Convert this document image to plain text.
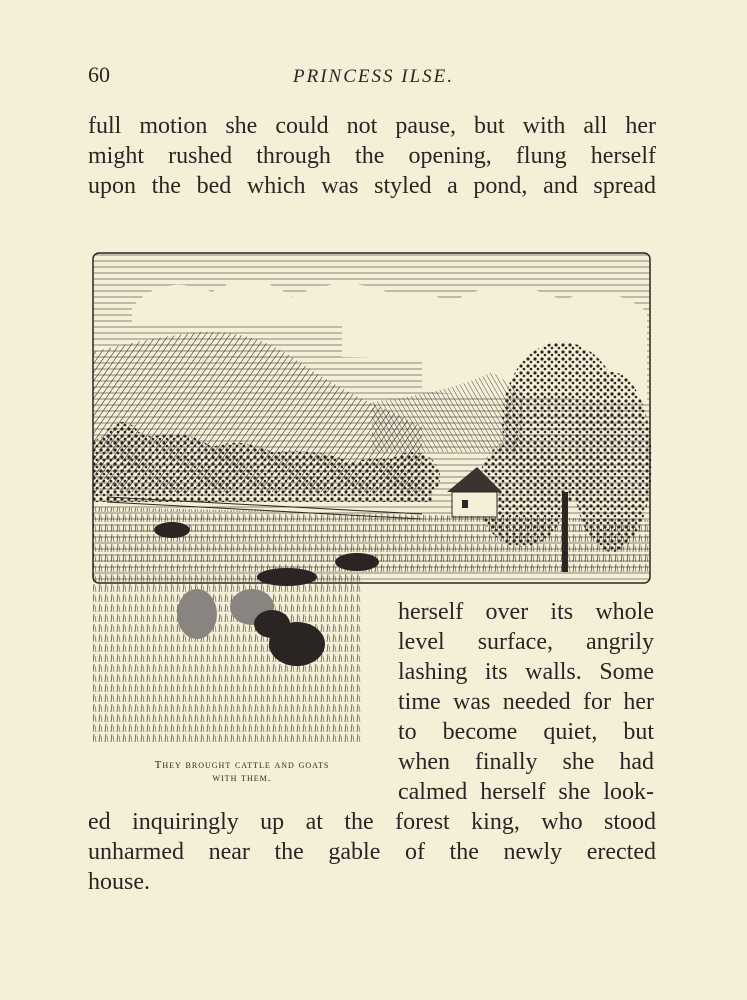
60	PRINCESS ILSE.
full motion she could not pause, but with all her
might rushed through the opening, flung herself
upon the bed which was styled a pond, and spread
herself over its whole
level surface, angrily
lashing its walls. Some
time was needed for her
to become quiet, but
when finally she had
calmed herself she look-
They brought cattle and goats
with them.
ed inquiringly up at the forest king, who stood
unharmed near the gable of the newly erected
house.
